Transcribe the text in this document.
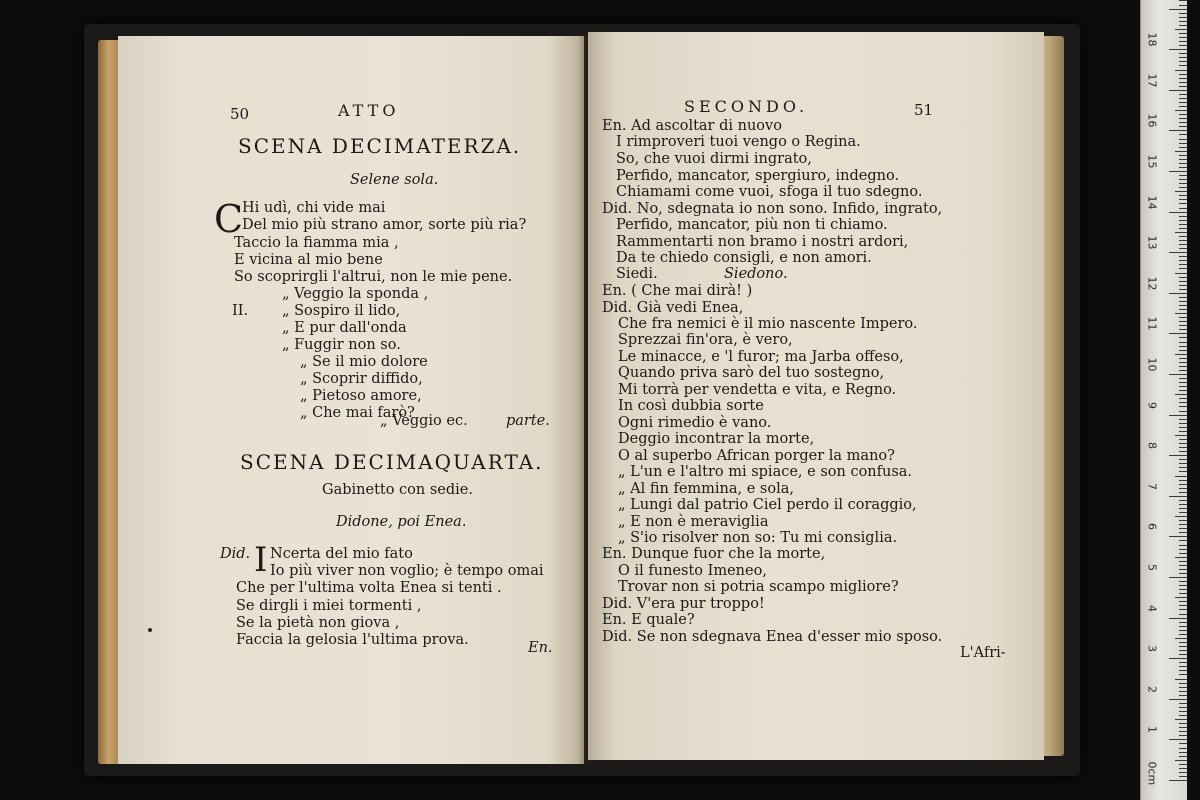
50	ATTO
SCENA DECIMATERZA.
Selene sola.
C
Hi udì, chi vide mai
Del mio più strano amor, sorte più ria?
Taccio la fiamma mia ,
E vicina al mio bene
So scoprirgli l'altrui, non le mie pene.
„ Veggio la sponda ,
II. „ Sospiro il lido,
„ E pur dall'onda
„ Fuggir non so.
„ Se il mio dolore
„ Scoprir diffido,
„ Pietoso amore,
„ Che mai farò?
„ Veggio ec.	parte.
SCENA DECIMAQUARTA.
Gabinetto con sedie.
Didone, poi Enea.
Did. I Ncerta del mio fato
Io più viver non voglio; è tempo omai
Che per l'ultima volta Enea si tenti .
Se dirgli i miei tormenti ,
Se la pietà non giova ,
Faccia la gelosia l'ultima prova.	En.
SECONDO.	51
En. Ad ascoltar di nuovo
I rimproveri tuoi vengo o Regina.
So, che vuoi dirmi ingrato,
Perfido, mancator, spergiuro, indegno.
Chiamami come vuoi, sfoga il tuo sdegno.
Did. No, sdegnata io non sono. Infido, ingrato,
Perfido, mancator, più non ti chiamo.
Rammentarti non bramo i nostri ardori,
Da te chiedo consigli, e non amori.
Siedi.	Siedono.
En. ( Che mai dirà! )
Did. Già vedi Enea,
Che fra nemici è il mio nascente Impero.
Sprezzai fin'ora, è vero,
Le minacce, e 'l furor; ma Jarba offeso,
Quando priva sarò del tuo sostegno,
Mi torrà per vendetta e vita, e Regno.
In così dubbia sorte
Ogni rimedio è vano.
Deggio incontrar la morte,
O al superbo African porger la mano?
„ L'un e l'altro mi spiace, e son confusa.
„ Al fin femmina, e sola,
„ Lungi dal patrio Ciel perdo il coraggio,
„ E non è meraviglia
„ S'io risolver non so: Tu mi consiglia.
En. Dunque fuor che la morte,
O il funesto Imeneo,
Trovar non si potria scampo migliore?
Did. V'era pur troppo!
En. E quale?
Did. Se non sdegnava Enea d'esser mio sposo.
L'Afri-
0cm
1
2
3
4
5
6
7
8
9
10
11
12
13
14
15
16
17
18
